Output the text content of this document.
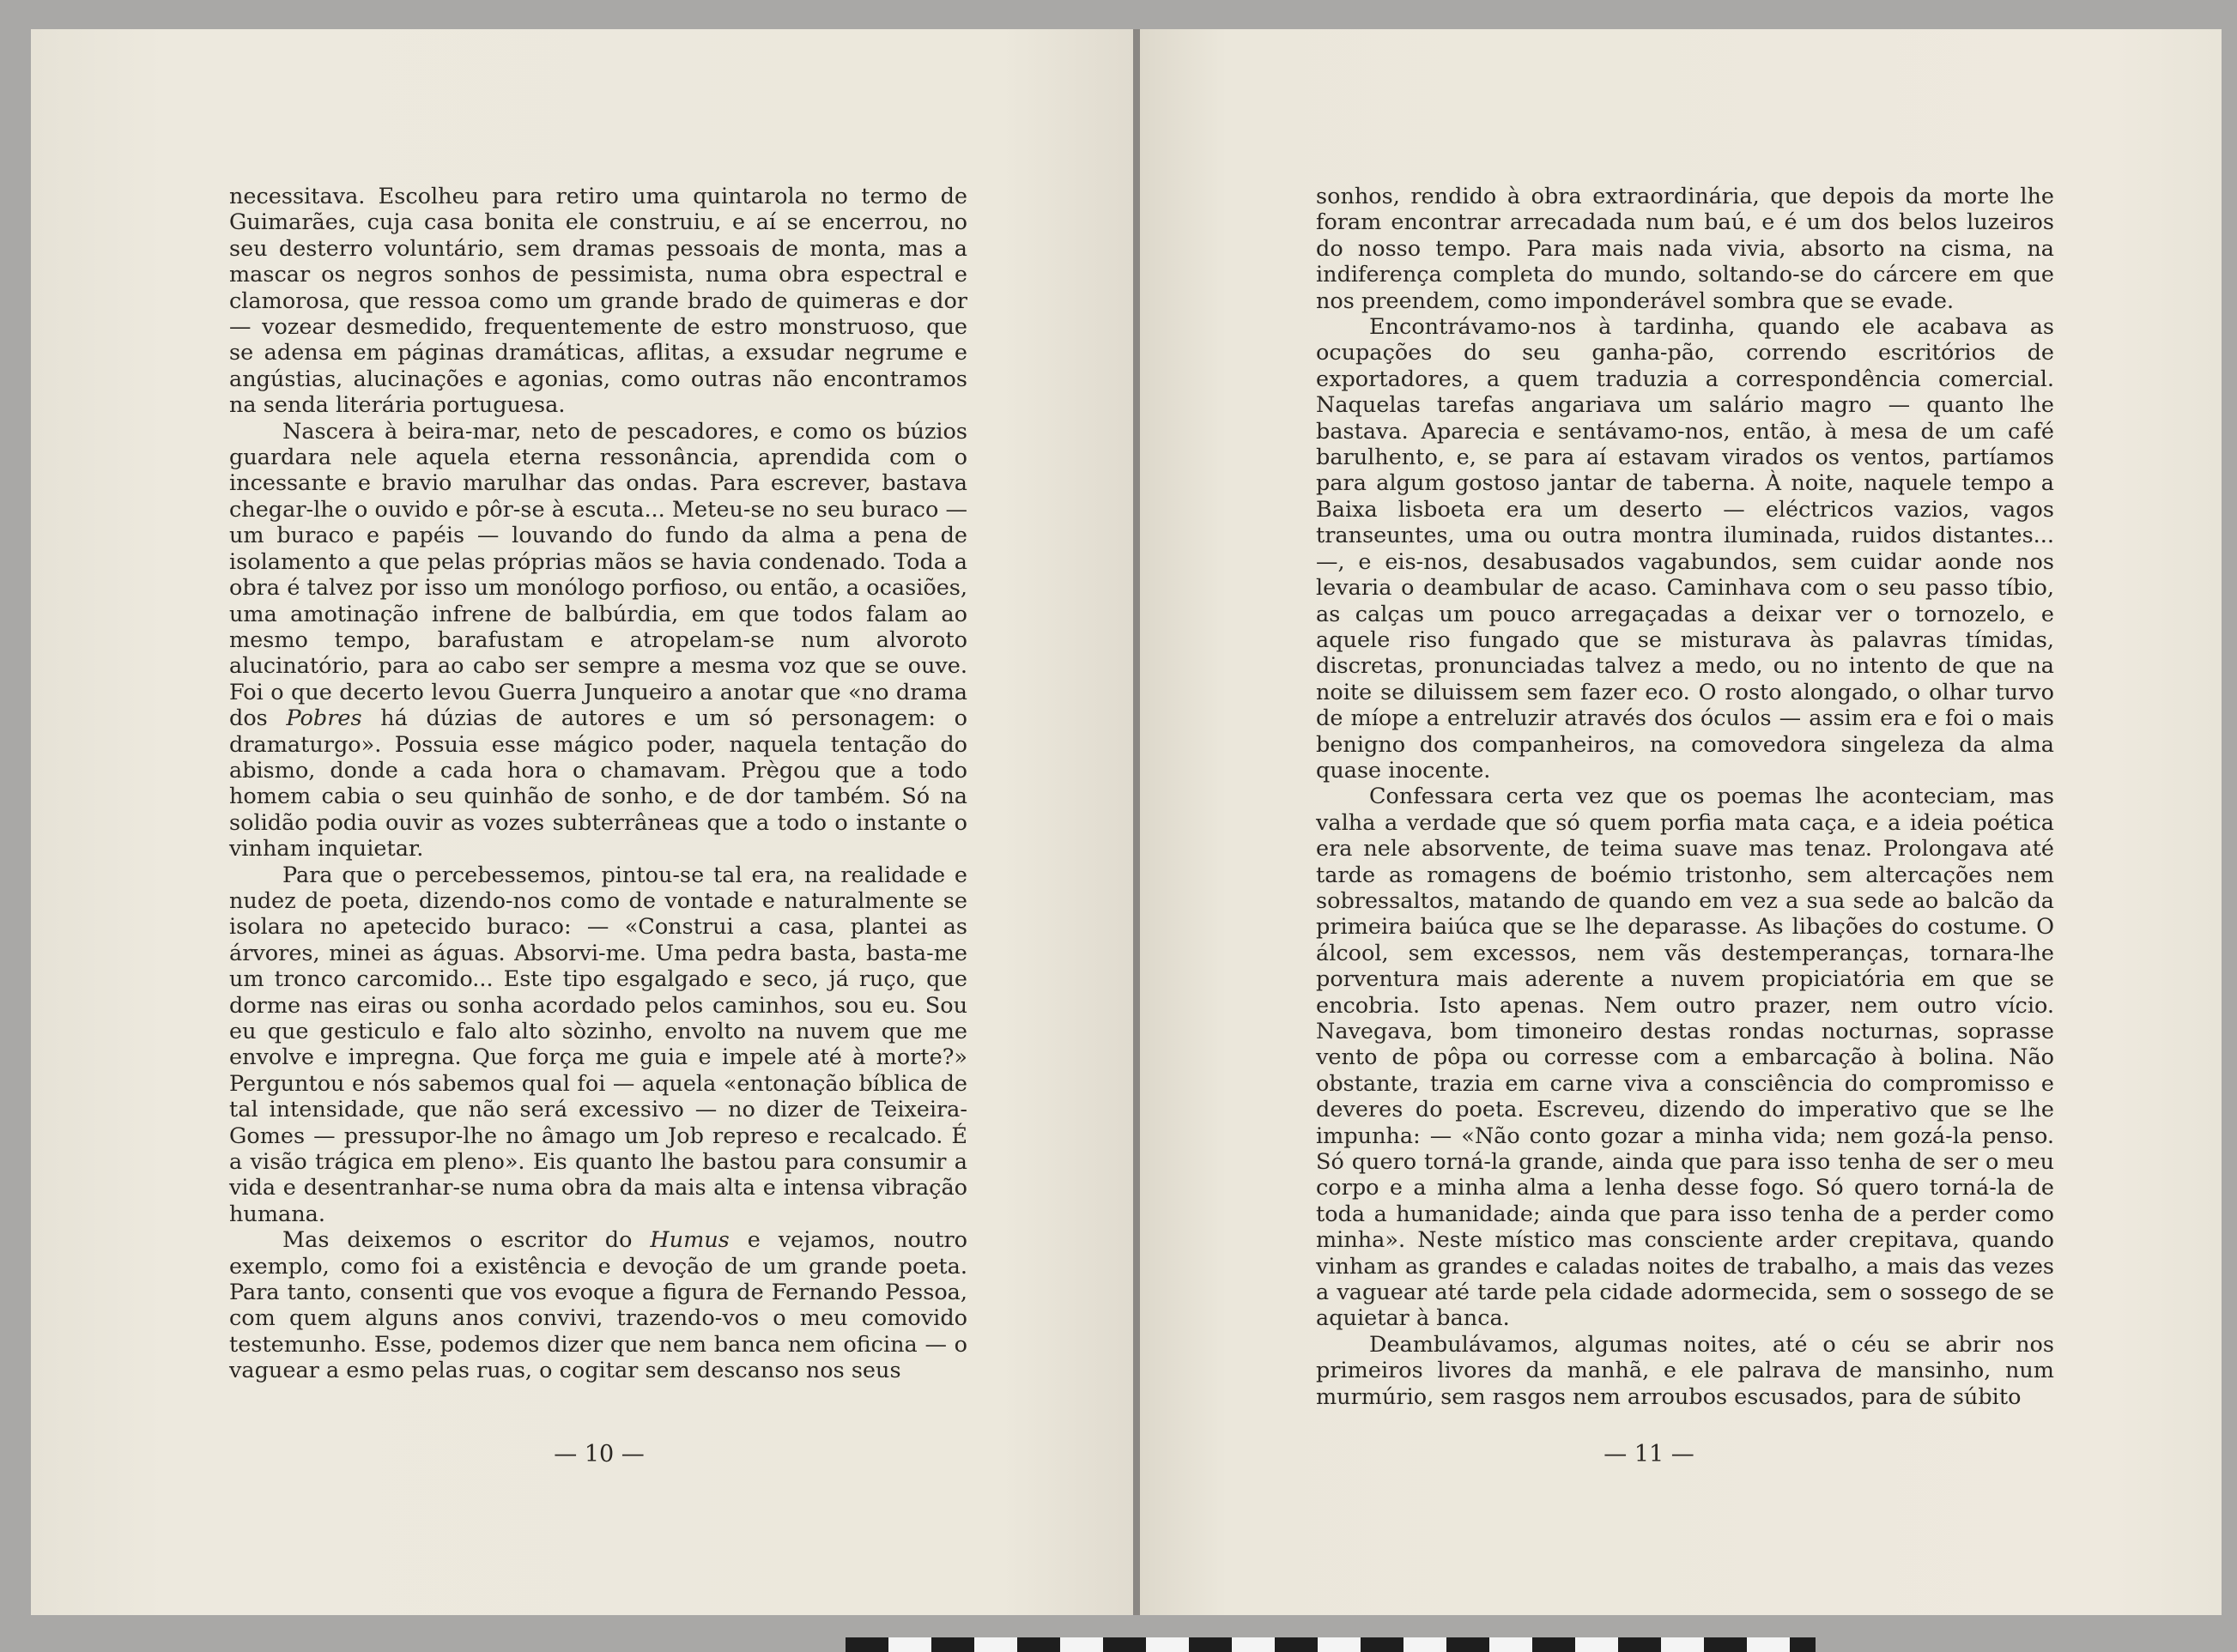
necessitava. Escolheu para retiro uma quintarola no termo de Guimarães, cuja casa bonita ele construiu, e aí se encerrou, no seu desterro voluntário, sem dramas pessoais de monta, mas a mascar os negros sonhos de pessimista, numa obra espectral e clamorosa, que ressoa como um grande brado de quimeras e dor — vozear desmedido, frequentemente de estro monstruoso, que se adensa em páginas dramáticas, aflitas, a exsudar negrume e angústias, alucinações e agonias, como outras não encontramos na senda literária portuguesa.

Nascera à beira-mar, neto de pescadores, e como os búzios guardara nele aquela eterna ressonância, aprendida com o incessante e bravio marulhar das ondas. Para escrever, bastava chegar-lhe o ouvido e pôr-se à escuta... Meteu-se no seu buraco — um buraco e papéis — louvando do fundo da alma a pena de isolamento a que pelas próprias mãos se havia condenado. Toda a obra é talvez por isso um monólogo porfioso, ou então, a ocasiões, uma amotinação infrene de balbúrdia, em que todos falam ao mesmo tempo, barafustam e atropelam-se num alvoroto alucinatório, para ao cabo ser sempre a mesma voz que se ouve. Foi o que decerto levou Guerra Junqueiro a anotar que «no drama dos Pobres há dúzias de autores e um só personagem: o dramaturgo». Possuia esse mágico poder, naquela tentação do abismo, donde a cada hora o chamavam. Prègou que a todo homem cabia o seu quinhão de sonho, e de dor também. Só na solidão podia ouvir as vozes subterrâneas que a todo o instante o vinham inquietar.

Para que o percebessemos, pintou-se tal era, na realidade e nudez de poeta, dizendo-nos como de vontade e naturalmente se isolara no apetecido buraco: — «Construi a casa, plantei as árvores, minei as águas. Absorvi-me. Uma pedra basta, basta-me um tronco carcomido... Este tipo esgalgado e seco, já ruço, que dorme nas eiras ou sonha acordado pelos caminhos, sou eu. Sou eu que gesticulo e falo alto sòzinho, envolto na nuvem que me envolve e impregna. Que força me guia e impele até à morte?» Perguntou e nós sabemos qual foi — aquela «entonação bíblica de tal intensidade, que não será excessivo — no dizer de Teixeira-Gomes — pressupor-lhe no âmago um Job represo e recalcado. É a visão trágica em pleno». Eis quanto lhe bastou para consumir a vida e desentranhar-se numa obra da mais alta e intensa vibração humana.

Mas deixemos o escritor do Humus e vejamos, noutro exemplo, como foi a existência e devoção de um grande poeta. Para tanto, consenti que vos evoque a figura de Fernando Pessoa, com quem alguns anos convivi, trazendo-vos o meu comovido testemunho. Esse, podemos dizer que nem banca nem oficina — o vaguear a esmo pelas ruas, o cogitar sem descanso nos seus

— 10 —

sonhos, rendido à obra extraordinária, que depois da morte lhe foram encontrar arrecadada num baú, e é um dos belos luzeiros do nosso tempo. Para mais nada vivia, absorto na cisma, na indiferença completa do mundo, soltando-se do cárcere em que nos preendem, como imponderável sombra que se evade.

Encontrávamo-nos à tardinha, quando ele acabava as ocupações do seu ganha-pão, correndo escritórios de exportadores, a quem traduzia a correspondência comercial. Naquelas tarefas angariava um salário magro — quanto lhe bastava. Aparecia e sentávamo-nos, então, à mesa de um café barulhento, e, se para aí estavam virados os ventos, partíamos para algum gostoso jantar de taberna. À noite, naquele tempo a Baixa lisboeta era um deserto — eléctricos vazios, vagos transeuntes, uma ou outra montra iluminada, ruidos distantes... —, e eis-nos, desabusados vagabundos, sem cuidar aonde nos levaria o deambular de acaso. Caminhava com o seu passo tíbio, as calças um pouco arregaçadas a deixar ver o tornozelo, e aquele riso fungado que se misturava às palavras tímidas, discretas, pronunciadas talvez a medo, ou no intento de que na noite se diluissem sem fazer eco. O rosto alongado, o olhar turvo de míope a entreluzir através dos óculos — assim era e foi o mais benigno dos companheiros, na comovedora singeleza da alma quase inocente.

Confessara certa vez que os poemas lhe aconteciam, mas valha a verdade que só quem porfia mata caça, e a ideia poética era nele absorvente, de teima suave mas tenaz. Prolongava até tarde as romagens de boémio tristonho, sem altercações nem sobressaltos, matando de quando em vez a sua sede ao balcão da primeira baiúca que se lhe deparasse. As libações do costume. O álcool, sem excessos, nem vãs destemperanças, tornara-lhe porventura mais aderente a nuvem propiciatória em que se encobria. Isto apenas. Nem outro prazer, nem outro vício. Navegava, bom timoneiro destas rondas nocturnas, soprasse vento de pôpa ou corresse com a embarcação à bolina. Não obstante, trazia em carne viva a consciência do compromisso e deveres do poeta. Escreveu, dizendo do imperativo que se lhe impunha: — «Não conto gozar a minha vida; nem gozá-la penso. Só quero torná-la grande, ainda que para isso tenha de ser o meu corpo e a minha alma a lenha desse fogo. Só quero torná-la de toda a humanidade; ainda que para isso tenha de a perder como minha». Neste místico mas consciente arder crepitava, quando vinham as grandes e caladas noites de trabalho, a mais das vezes a vaguear até tarde pela cidade adormecida, sem o sossego de se aquietar à banca.

Deambulávamos, algumas noites, até o céu se abrir nos primeiros livores da manhã, e ele palrava de mansinho, num murmúrio, sem rasgos nem arroubos escusados, para de súbito

— 11 —
